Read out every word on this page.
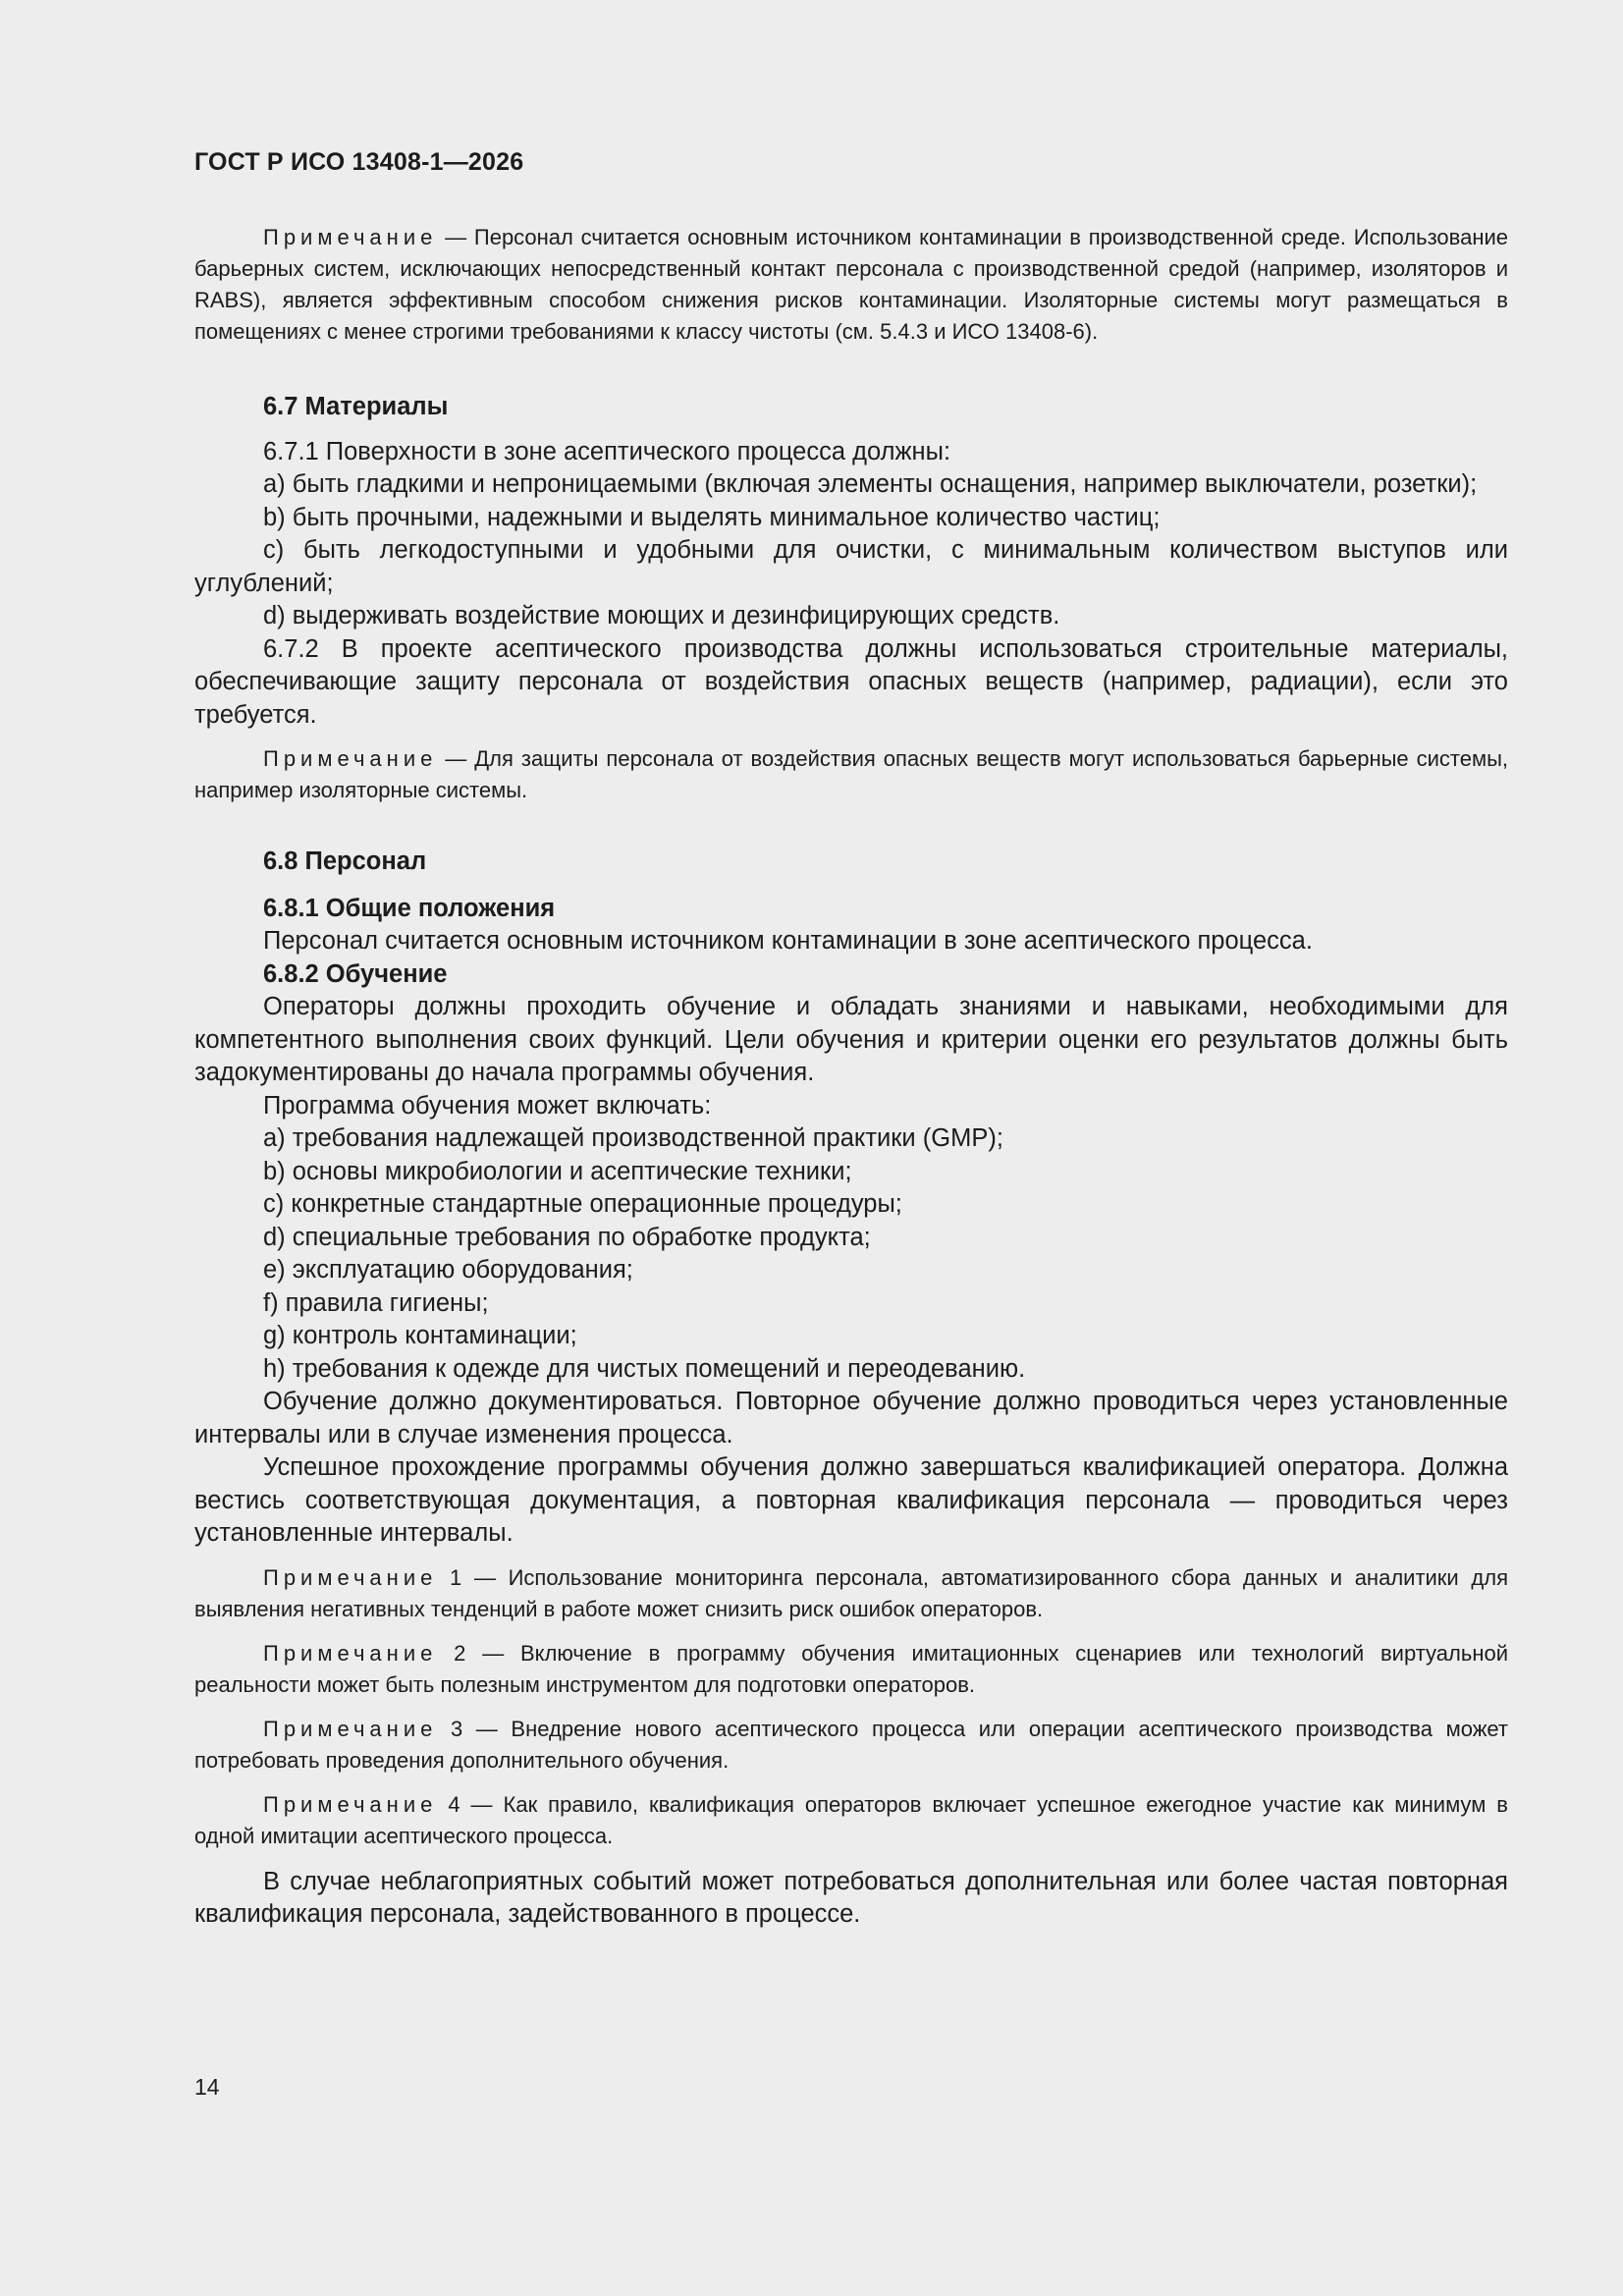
ГОСТ Р ИСО 13408-1—2026

Примечание — Персонал считается основным источником контаминации в производственной среде. Использование барьерных систем, исключающих непосредственный контакт персонала с производственной средой (например, изоляторов и RABS), является эффективным способом снижения рисков контаминации. Изоляторные системы могут размещаться в помещениях с менее строгими требованиями к классу чистоты (см. 5.4.3 и ИСО 13408-6).

6.7 Материалы

6.7.1 Поверхности в зоне асептического процесса должны:

a) быть гладкими и непроницаемыми (включая элементы оснащения, например выключатели, розетки);

b) быть прочными, надежными и выделять минимальное количество частиц;

c) быть легкодоступными и удобными для очистки, с минимальным количеством выступов или углублений;

d) выдерживать воздействие моющих и дезинфицирующих средств.

6.7.2 В проекте асептического производства должны использоваться строительные материалы, обеспечивающие защиту персонала от воздействия опасных веществ (например, радиации), если это требуется.

Примечание — Для защиты персонала от воздействия опасных веществ могут использоваться барьерные системы, например изоляторные системы.

6.8 Персонал

6.8.1 Общие положения

Персонал считается основным источником контаминации в зоне асептического процесса.

6.8.2 Обучение

Операторы должны проходить обучение и обладать знаниями и навыками, необходимыми для компетентного выполнения своих функций. Цели обучения и критерии оценки его результатов должны быть задокументированы до начала программы обучения.

Программа обучения может включать:

a) требования надлежащей производственной практики (GMP);

b) основы микробиологии и асептические техники;

c) конкретные стандартные операционные процедуры;

d) специальные требования по обработке продукта;

e) эксплуатацию оборудования;

f) правила гигиены;

g) контроль контаминации;

h) требования к одежде для чистых помещений и переодеванию.

Обучение должно документироваться. Повторное обучение должно проводиться через установленные интервалы или в случае изменения процесса.

Успешное прохождение программы обучения должно завершаться квалификацией оператора. Должна вестись соответствующая документация, а повторная квалификация персонала — проводиться через установленные интервалы.

Примечание 1 — Использование мониторинга персонала, автоматизированного сбора данных и аналитики для выявления негативных тенденций в работе может снизить риск ошибок операторов.

Примечание 2 — Включение в программу обучения имитационных сценариев или технологий виртуальной реальности может быть полезным инструментом для подготовки операторов.

Примечание 3 — Внедрение нового асептического процесса или операции асептического производства может потребовать проведения дополнительного обучения.

Примечание 4 — Как правило, квалификация операторов включает успешное ежегодное участие как минимум в одной имитации асептического процесса.

В случае неблагоприятных событий может потребоваться дополнительная или более частая повторная квалификация персонала, задействованного в процессе.

14
